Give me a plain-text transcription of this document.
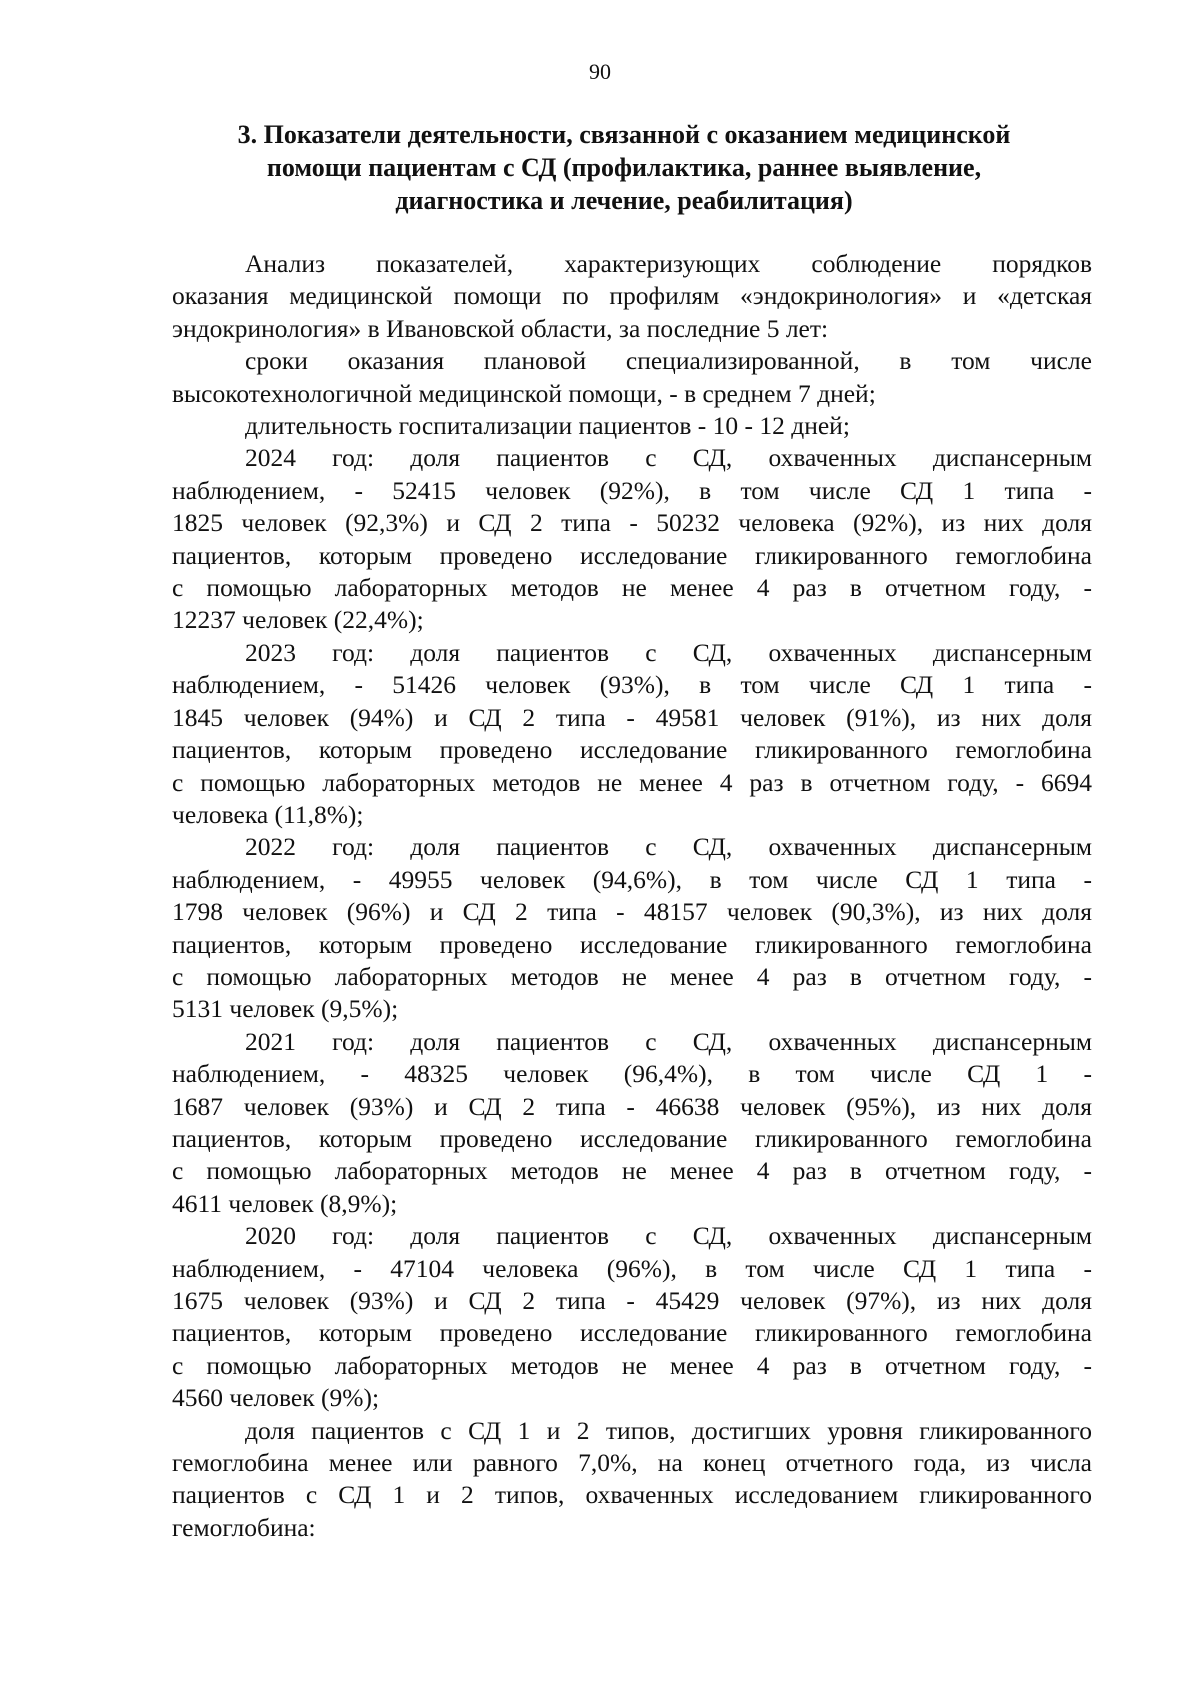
90
3. Показатели деятельности, связанной с оказанием медицинской
помощи пациентам с СД (профилактика, раннее выявление,
диагностика и лечение, реабилитация)

Анализ показателей, характеризующих соблюдение порядков
оказания медицинской помощи по профилям «эндокринология» и «детская
эндокринология» в Ивановской области, за последние 5 лет:

сроки оказания плановой специализированной, в том числе
высокотехнологичной медицинской помощи, - в среднем 7 дней;

длительность госпитализации пациентов - 10 - 12 дней;

2024 год: доля пациентов с СД, охваченных диспансерным
наблюдением, - 52415 человек (92%), в том числе СД 1 типа -
1825 человек (92,3%) и СД 2 типа - 50232 человека (92%), из них доля
пациентов, которым проведено исследование гликированного гемоглобина
с помощью лабораторных методов не менее 4 раз в отчетном году, -
12237 человек (22,4%);

2023 год: доля пациентов с СД, охваченных диспансерным
наблюдением, - 51426 человек (93%), в том числе СД 1 типа -
1845 человек (94%) и СД 2 типа - 49581 человек (91%), из них доля
пациентов, которым проведено исследование гликированного гемоглобина
с помощью лабораторных методов не менее 4 раз в отчетном году, - 6694
человека (11,8%);

2022 год: доля пациентов с СД, охваченных диспансерным
наблюдением, - 49955 человек (94,6%), в том числе СД 1 типа -
1798 человек (96%) и СД 2 типа - 48157 человек (90,3%), из них доля
пациентов, которым проведено исследование гликированного гемоглобина
с помощью лабораторных методов не менее 4 раз в отчетном году, -
5131 человек (9,5%);

2021 год: доля пациентов с СД, охваченных диспансерным
наблюдением, - 48325 человек (96,4%), в том числе СД 1 -
1687 человек (93%) и СД 2 типа - 46638 человек (95%), из них доля
пациентов, которым проведено исследование гликированного гемоглобина
с помощью лабораторных методов не менее 4 раз в отчетном году, -
4611 человек (8,9%);

2020 год: доля пациентов с СД, охваченных диспансерным
наблюдением, - 47104 человека (96%), в том числе СД 1 типа -
1675 человек (93%) и СД 2 типа - 45429 человек (97%), из них доля
пациентов, которым проведено исследование гликированного гемоглобина
с помощью лабораторных методов не менее 4 раз в отчетном году, -
4560 человек (9%);

доля пациентов с СД 1 и 2 типов, достигших уровня гликированного
гемоглобина менее или равного 7,0%, на конец отчетного года, из числа
пациентов с СД 1 и 2 типов, охваченных исследованием гликированного
гемоглобина:
